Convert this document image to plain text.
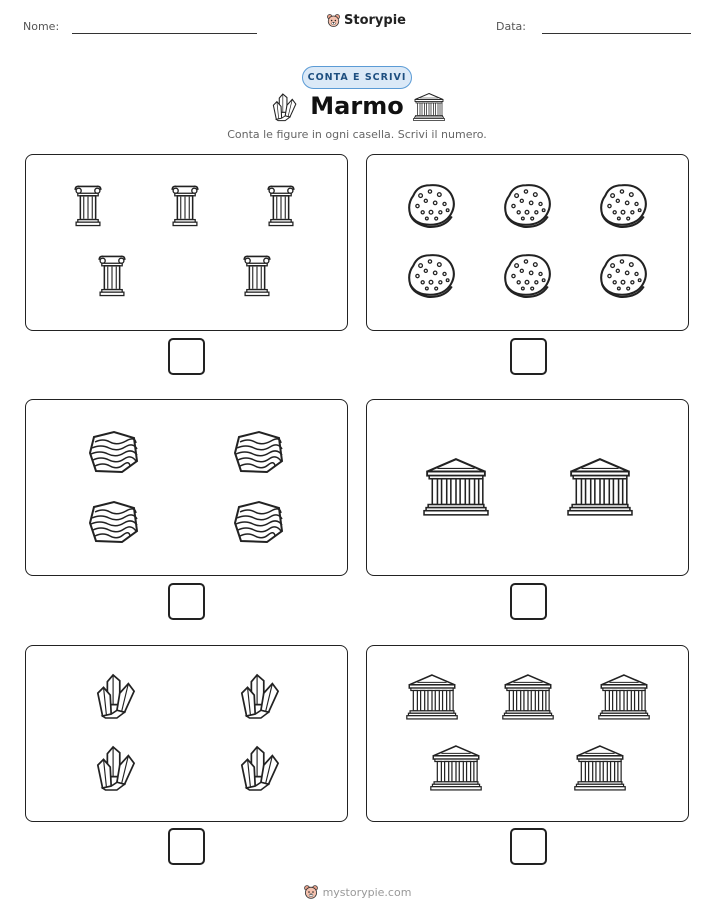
Nome:	Storypie	Data:
CONTA E SCRIVI
Marmo
Conta le figure in ogni casella. Scrivi il numero.
mystorypie.com
